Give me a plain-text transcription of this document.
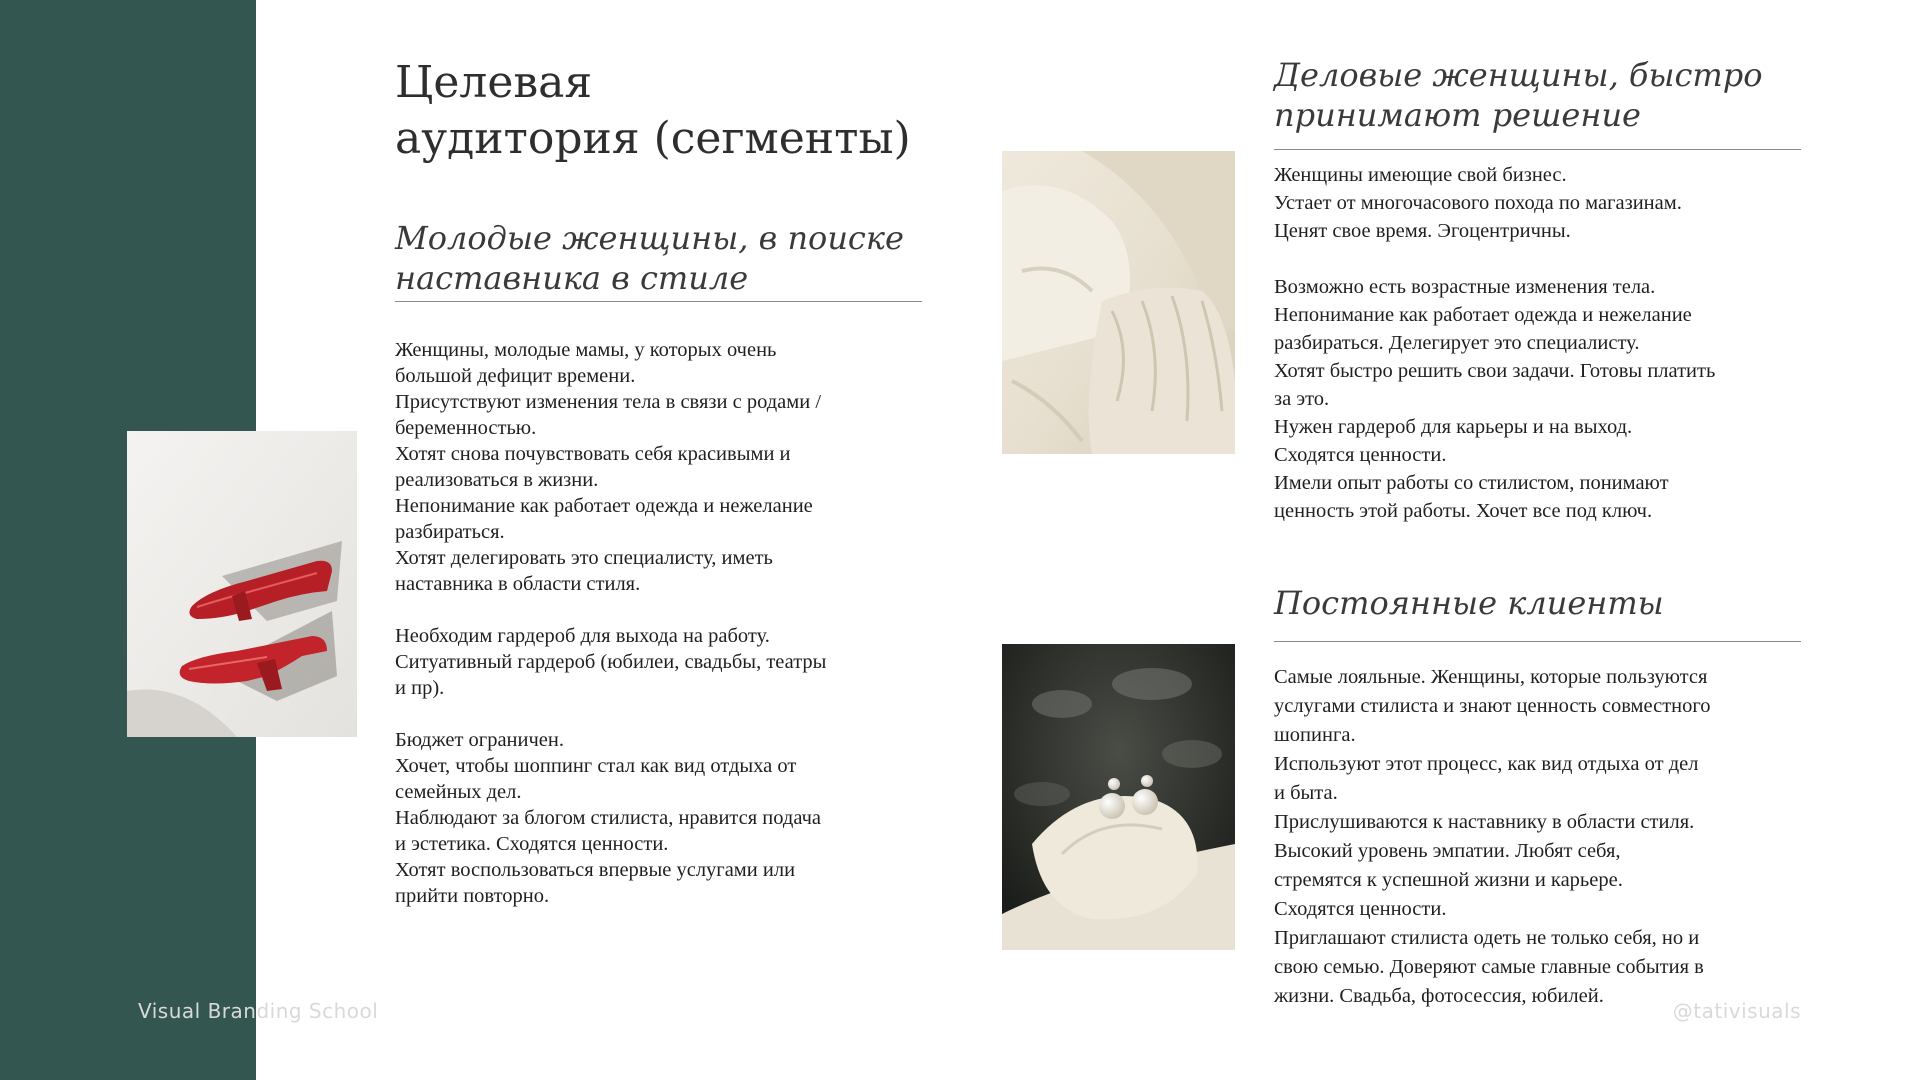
Целевая
аудитория (сегменты)
Молодые женщины, в поиске
наставника в стиле

Женщины, молодые мамы, у которых очень
большой дефицит времени.
Присутствуют изменения тела в связи с родами /
беременностью.
Хотят снова почувствовать себя красивыми и
реализоваться в жизни.
Непонимание как работает одежда и нежелание
разбираться.
Хотят делегировать это специалисту, иметь
наставника в области стиля.

Необходим гардероб для выхода на работу.
Ситуативный гардероб (юбилеи, свадьбы, театры
и пр).

Бюджет ограничен.
Хочет, чтобы шоппинг стал как вид отдыха от
семейных дел.
Наблюдают за блогом стилиста, нравится подача
и эстетика. Сходятся ценности.
Хотят воспользоваться впервые услугами или
прийти повторно.

Деловые женщины, быстро
принимают решение

Женщины имеющие свой бизнес.
Устает от многочасового похода по магазинам.
Ценят свое время. Эгоцентричны.

Возможно есть возрастные изменения тела.
Непонимание как работает одежда и нежелание
разбираться. Делегирует это специалисту.
Хотят быстро решить свои задачи. Готовы платить
за это.
Нужен гардероб для карьеры и на выход.
Сходятся ценности.
Имели опыт работы со стилистом, понимают
ценность этой работы. Хочет все под ключ.

Постоянные клиенты

Самые лояльные. Женщины, которые пользуются
услугами стилиста и знают ценность совместного
шопинга.
Используют этот процесс, как вид отдыха от дел
и быта.
Прислушиваются к наставнику в области стиля.
Высокий уровень эмпатии. Любят себя,
стремятся к успешной жизни и карьере.
Сходятся ценности.
Приглашают стилиста одеть не только себя, но и
свою семью. Доверяют самые главные события в
жизни. Свадьба, фотосессия, юбилей.

Visual Branding School	@tativisuals
